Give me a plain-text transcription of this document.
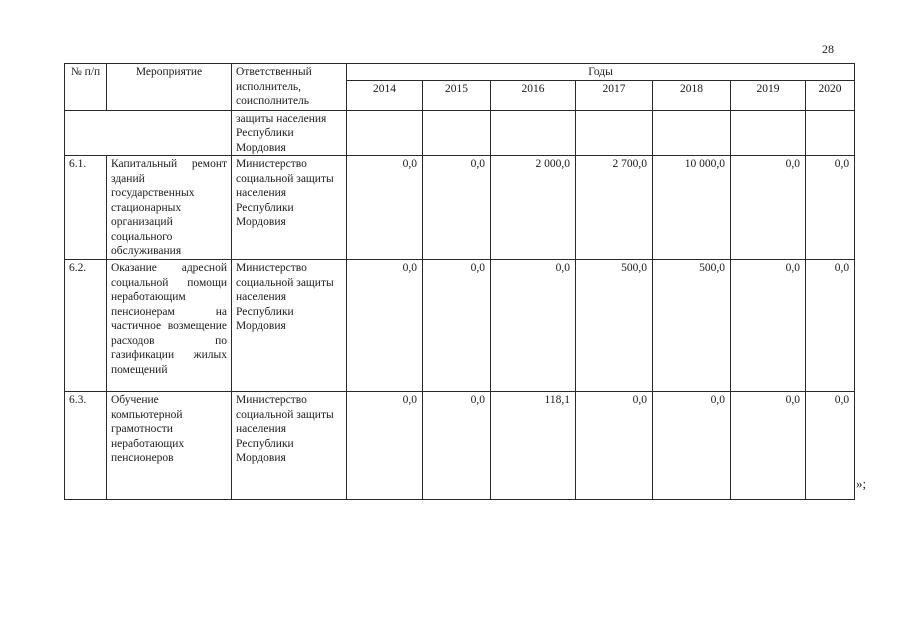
28
№ п/п	Мероприятие	Ответственный исполнитель, соисполнитель	Годы						
			2014	2015	2016	2017	2018	2019	2020
		защиты населения Республики Мордовия							
6.1.	Капитальный ремонт зданий государственных стационарных организаций социального обслуживания	Министерство социальной защиты населения Республики Мордовия	0,0	0,0	2 000,0	2 700,0	10 000,0	0,0	0,0
6.2.	Оказание адресной социальной помощи неработающим пенсионерам на частичное возмещение расходов по газификации жилых помещений	Министерство социальной защиты населения Республики Мордовия	0,0	0,0	0,0	500,0	500,0	0,0	0,0
6.3.	Обучение компьютерной грамотности неработающих пенсионеров	Министерство социальной защиты населения Республики Мордовия	0,0	0,0	118,1	0,0	0,0	0,0	0,0
»;
